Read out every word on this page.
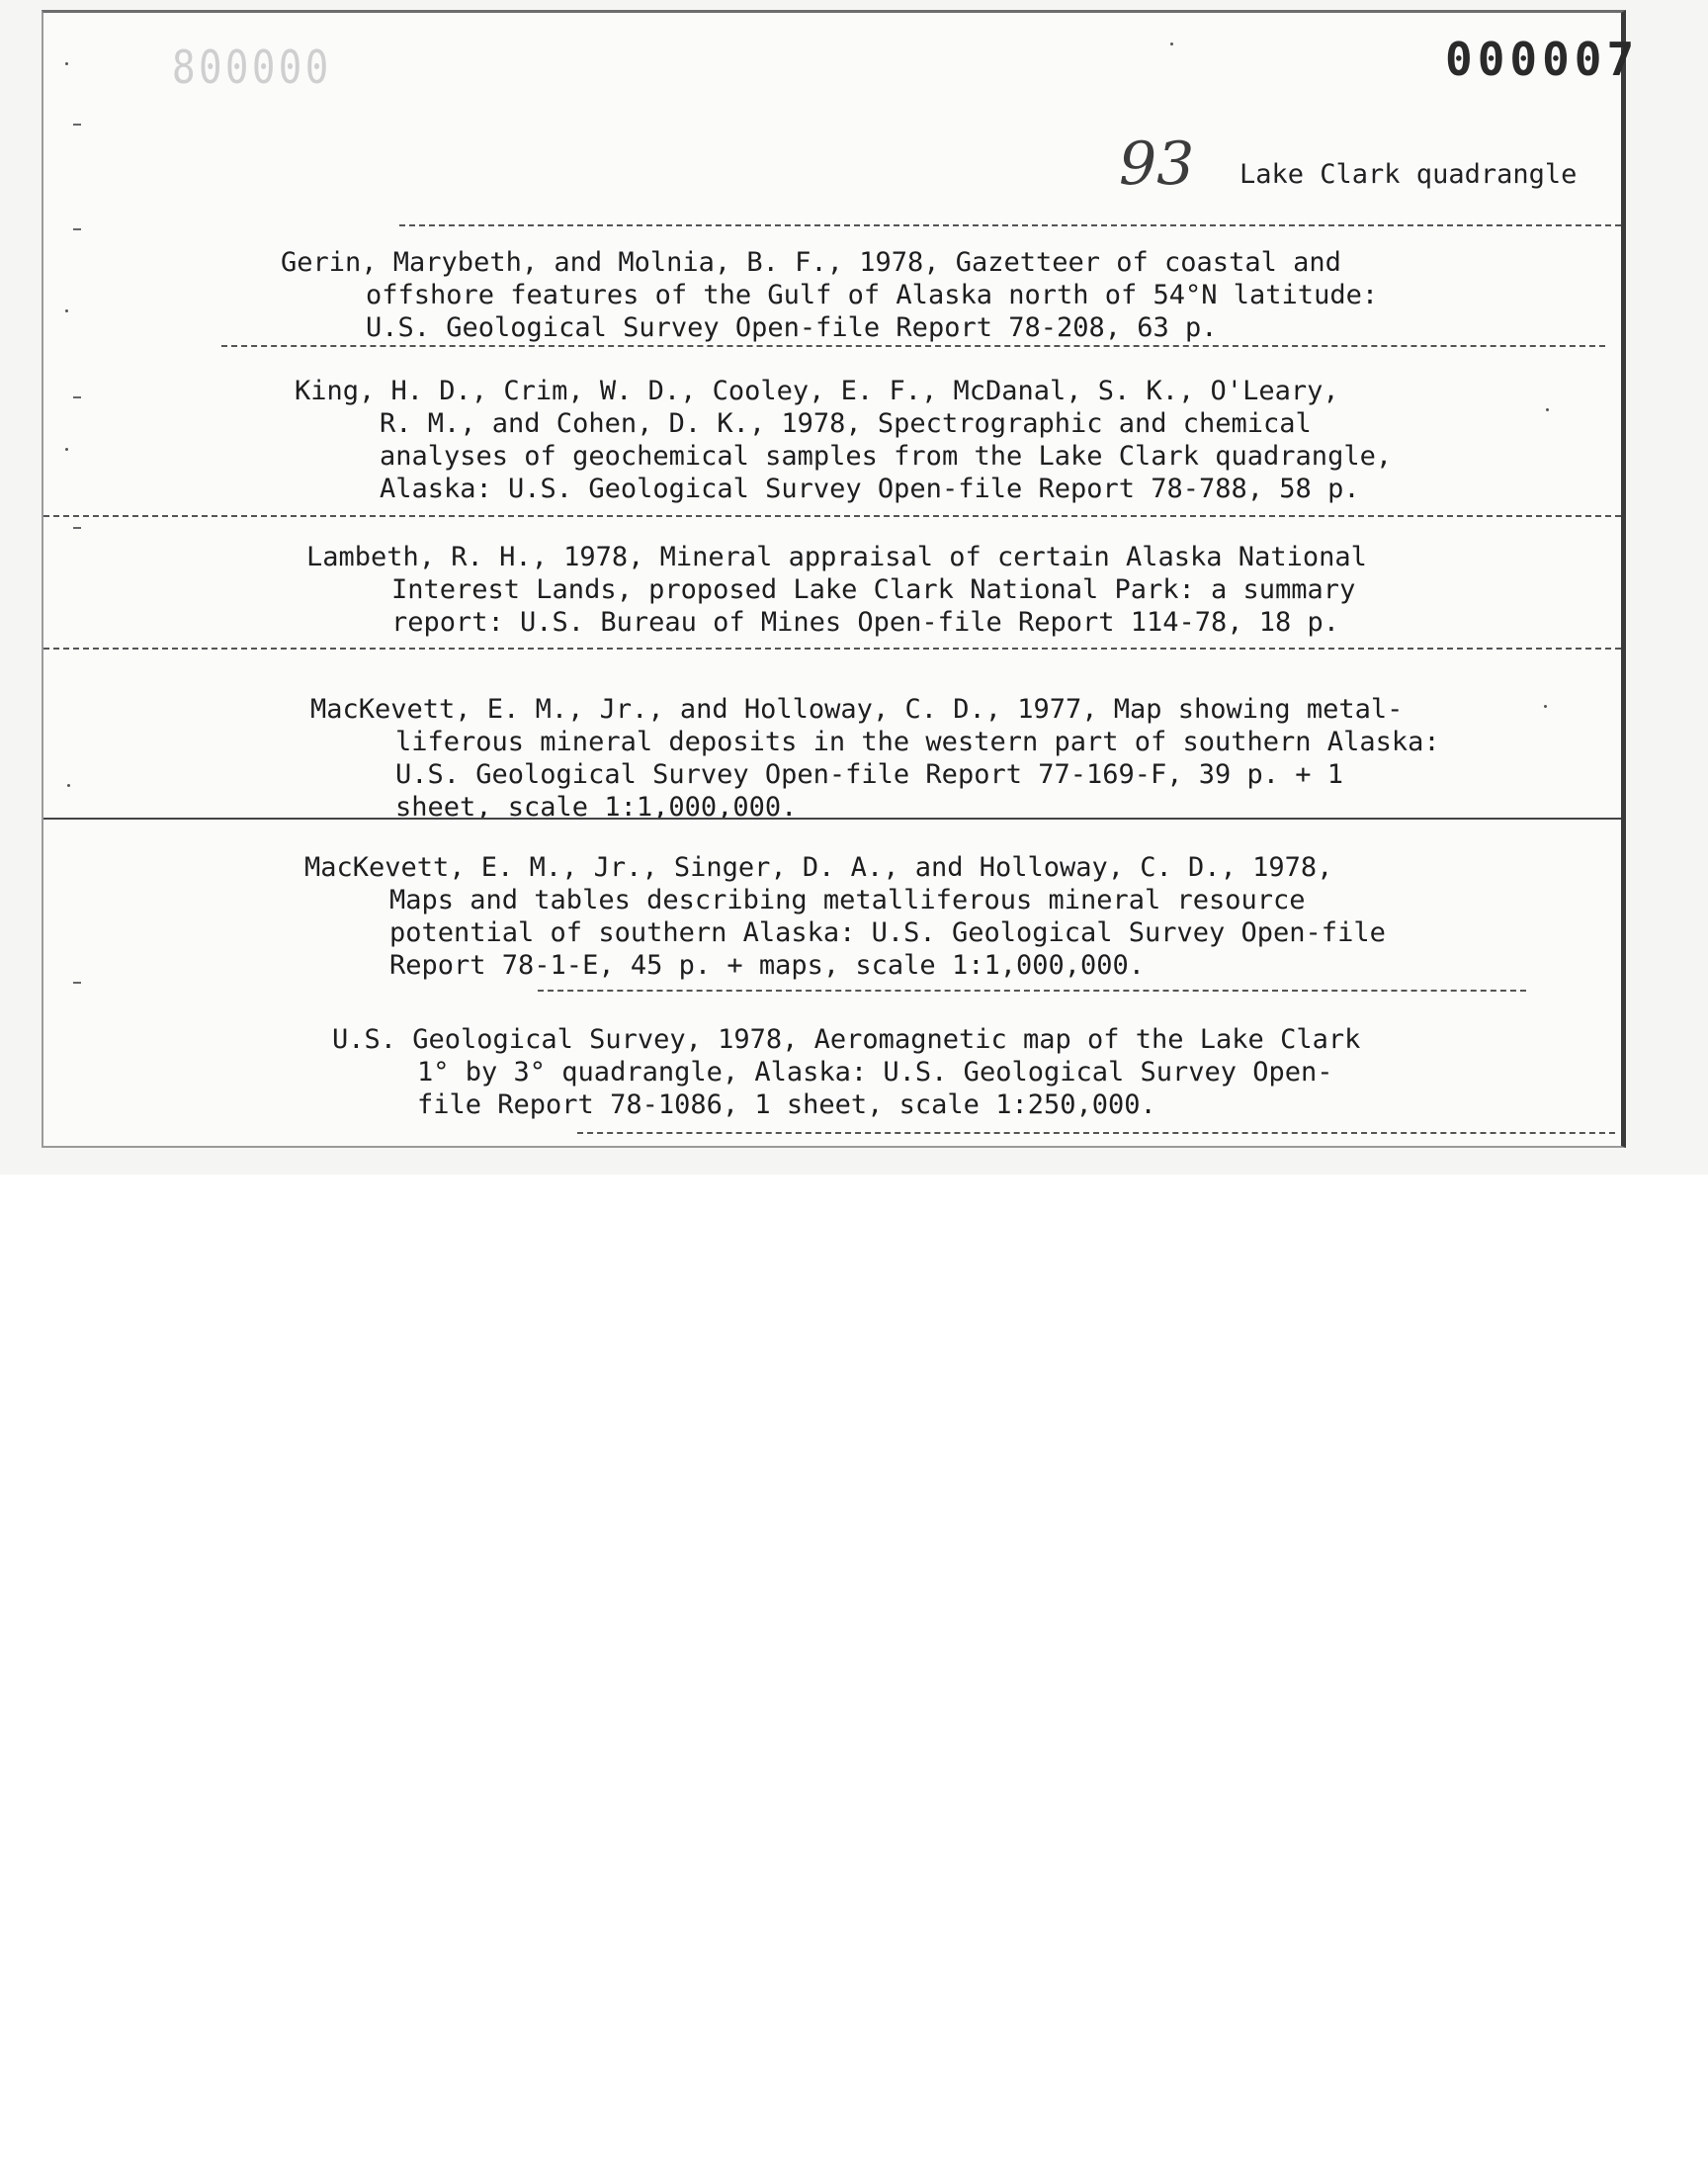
800000	000007
93 Lake Clark quadrangle
Gerin, Marybeth, and Molnia, B. F., 1978, Gazetteer of coastal and
offshore features of the Gulf of Alaska north of 54°N latitude:
U.S. Geological Survey Open-file Report 78-208, 63 p.
King, H. D., Crim, W. D., Cooley, E. F., McDanal, S. K., O'Leary,
R. M., and Cohen, D. K., 1978, Spectrographic and chemical
analyses of geochemical samples from the Lake Clark quadrangle,
Alaska: U.S. Geological Survey Open-file Report 78-788, 58 p.
Lambeth, R. H., 1978, Mineral appraisal of certain Alaska National
Interest Lands, proposed Lake Clark National Park: a summary
report: U.S. Bureau of Mines Open-file Report 114-78, 18 p.
MacKevett, E. M., Jr., and Holloway, C. D., 1977, Map showing metal-
liferous mineral deposits in the western part of southern Alaska:
U.S. Geological Survey Open-file Report 77-169-F, 39 p. + 1
sheet, scale 1:1,000,000.
MacKevett, E. M., Jr., Singer, D. A., and Holloway, C. D., 1978,
Maps and tables describing metalliferous mineral resource
potential of southern Alaska: U.S. Geological Survey Open-file
Report 78-1-E, 45 p. + maps, scale 1:1,000,000.
U.S. Geological Survey, 1978, Aeromagnetic map of the Lake Clark
1° by 3° quadrangle, Alaska: U.S. Geological Survey Open-
file Report 78-1086, 1 sheet, scale 1:250,000.
